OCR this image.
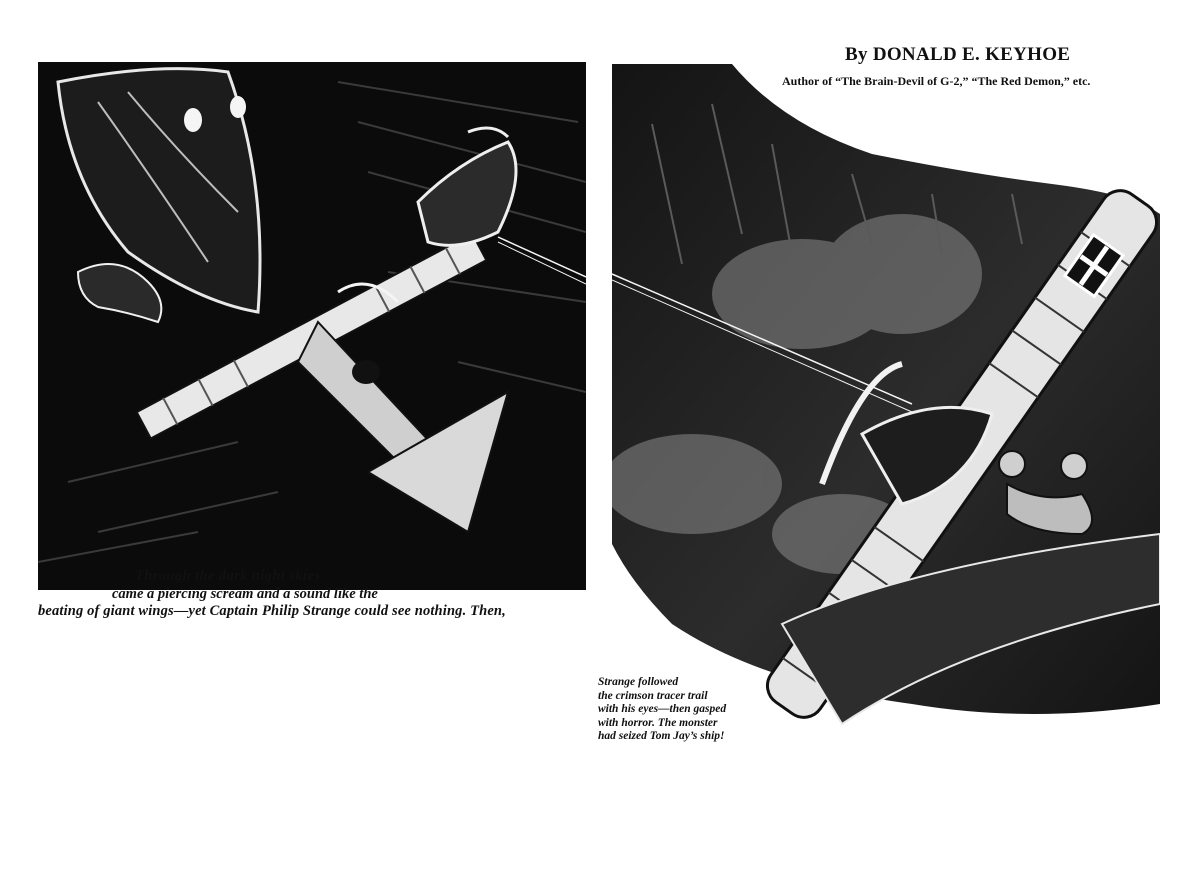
By DONALD E. KEYHOE
Author of “The Brain-Devil of G-2,” “The Red Demon,” etc.
Through the dark night skies
came a piercing scream and a sound like the
beating of giant wings—yet Captain Philip Strange could see nothing. Then,

Strange followed
the crimson tracer trail
with his eyes—then gasped
with horror. The monster
had seized Tom Jay’s ship!
